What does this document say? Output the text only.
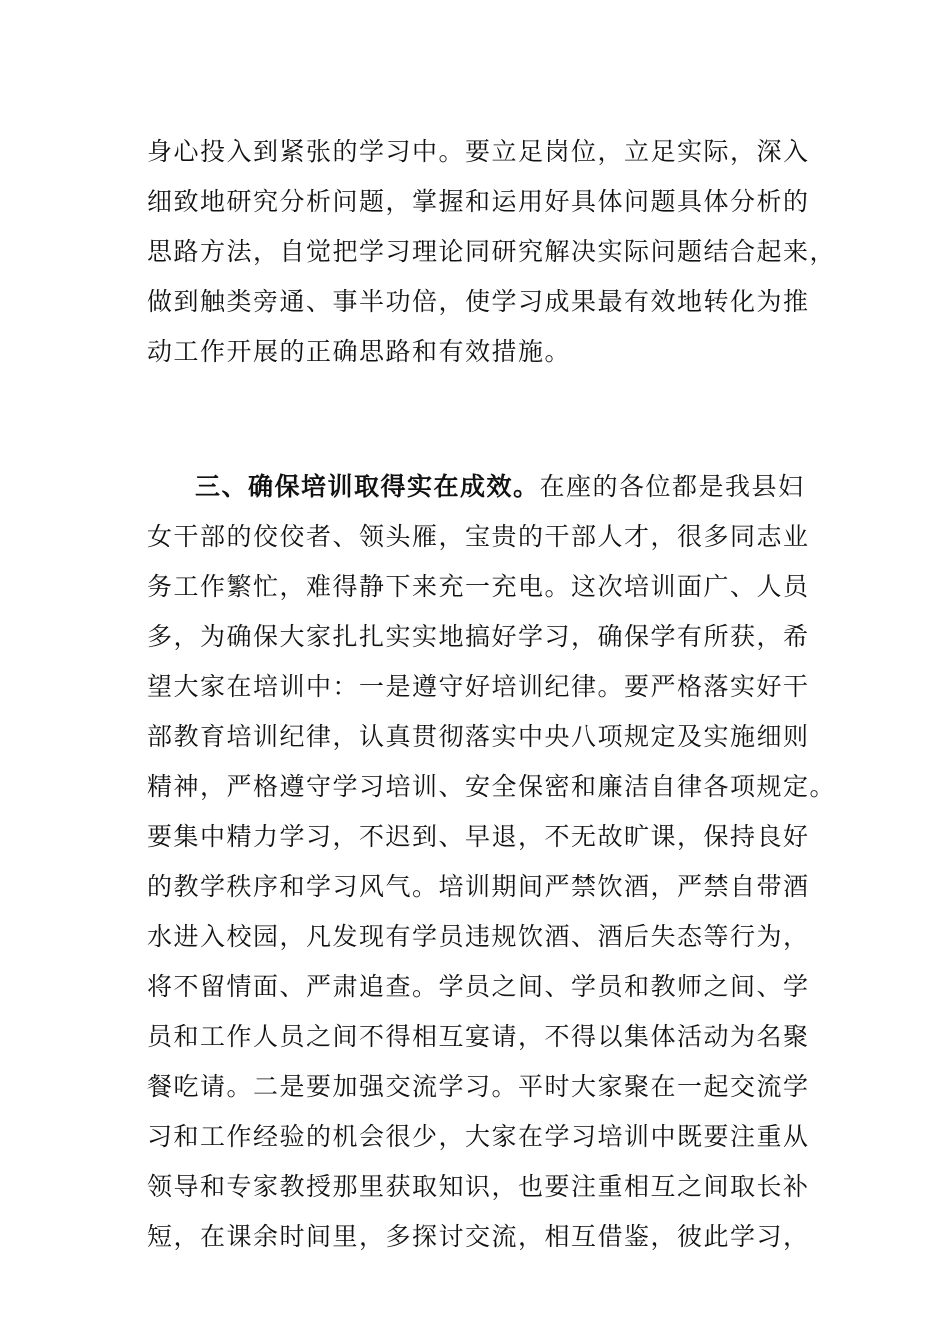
身心投入到紧张的学习中。要立足岗位，立足实际，深入
细致地研究分析问题，掌握和运用好具体问题具体分析的
思路方法，自觉把学习理论同研究解决实际问题结合起来，
做到触类旁通、事半功倍，使学习成果最有效地转化为推
动工作开展的正确思路和有效措施。
三、确保培训取得实在成效。在座的各位都是我县妇
女干部的佼佼者、领头雁，宝贵的干部人才，很多同志业
务工作繁忙，难得静下来充一充电。这次培训面广、人员
多，为确保大家扎扎实实地搞好学习，确保学有所获，希
望大家在培训中：一是遵守好培训纪律。要严格落实好干
部教育培训纪律，认真贯彻落实中央八项规定及实施细则
精神，严格遵守学习培训、安全保密和廉洁自律各项规定。
要集中精力学习，不迟到、早退，不无故旷课，保持良好
的教学秩序和学习风气。培训期间严禁饮酒，严禁自带酒
水进入校园，凡发现有学员违规饮酒、酒后失态等行为，
将不留情面、严肃追查。学员之间、学员和教师之间、学
员和工作人员之间不得相互宴请，不得以集体活动为名聚
餐吃请。二是要加强交流学习。平时大家聚在一起交流学
习和工作经验的机会很少，大家在学习培训中既要注重从
领导和专家教授那里获取知识，也要注重相互之间取长补
短，在课余时间里，多探讨交流，相互借鉴，彼此学习，
